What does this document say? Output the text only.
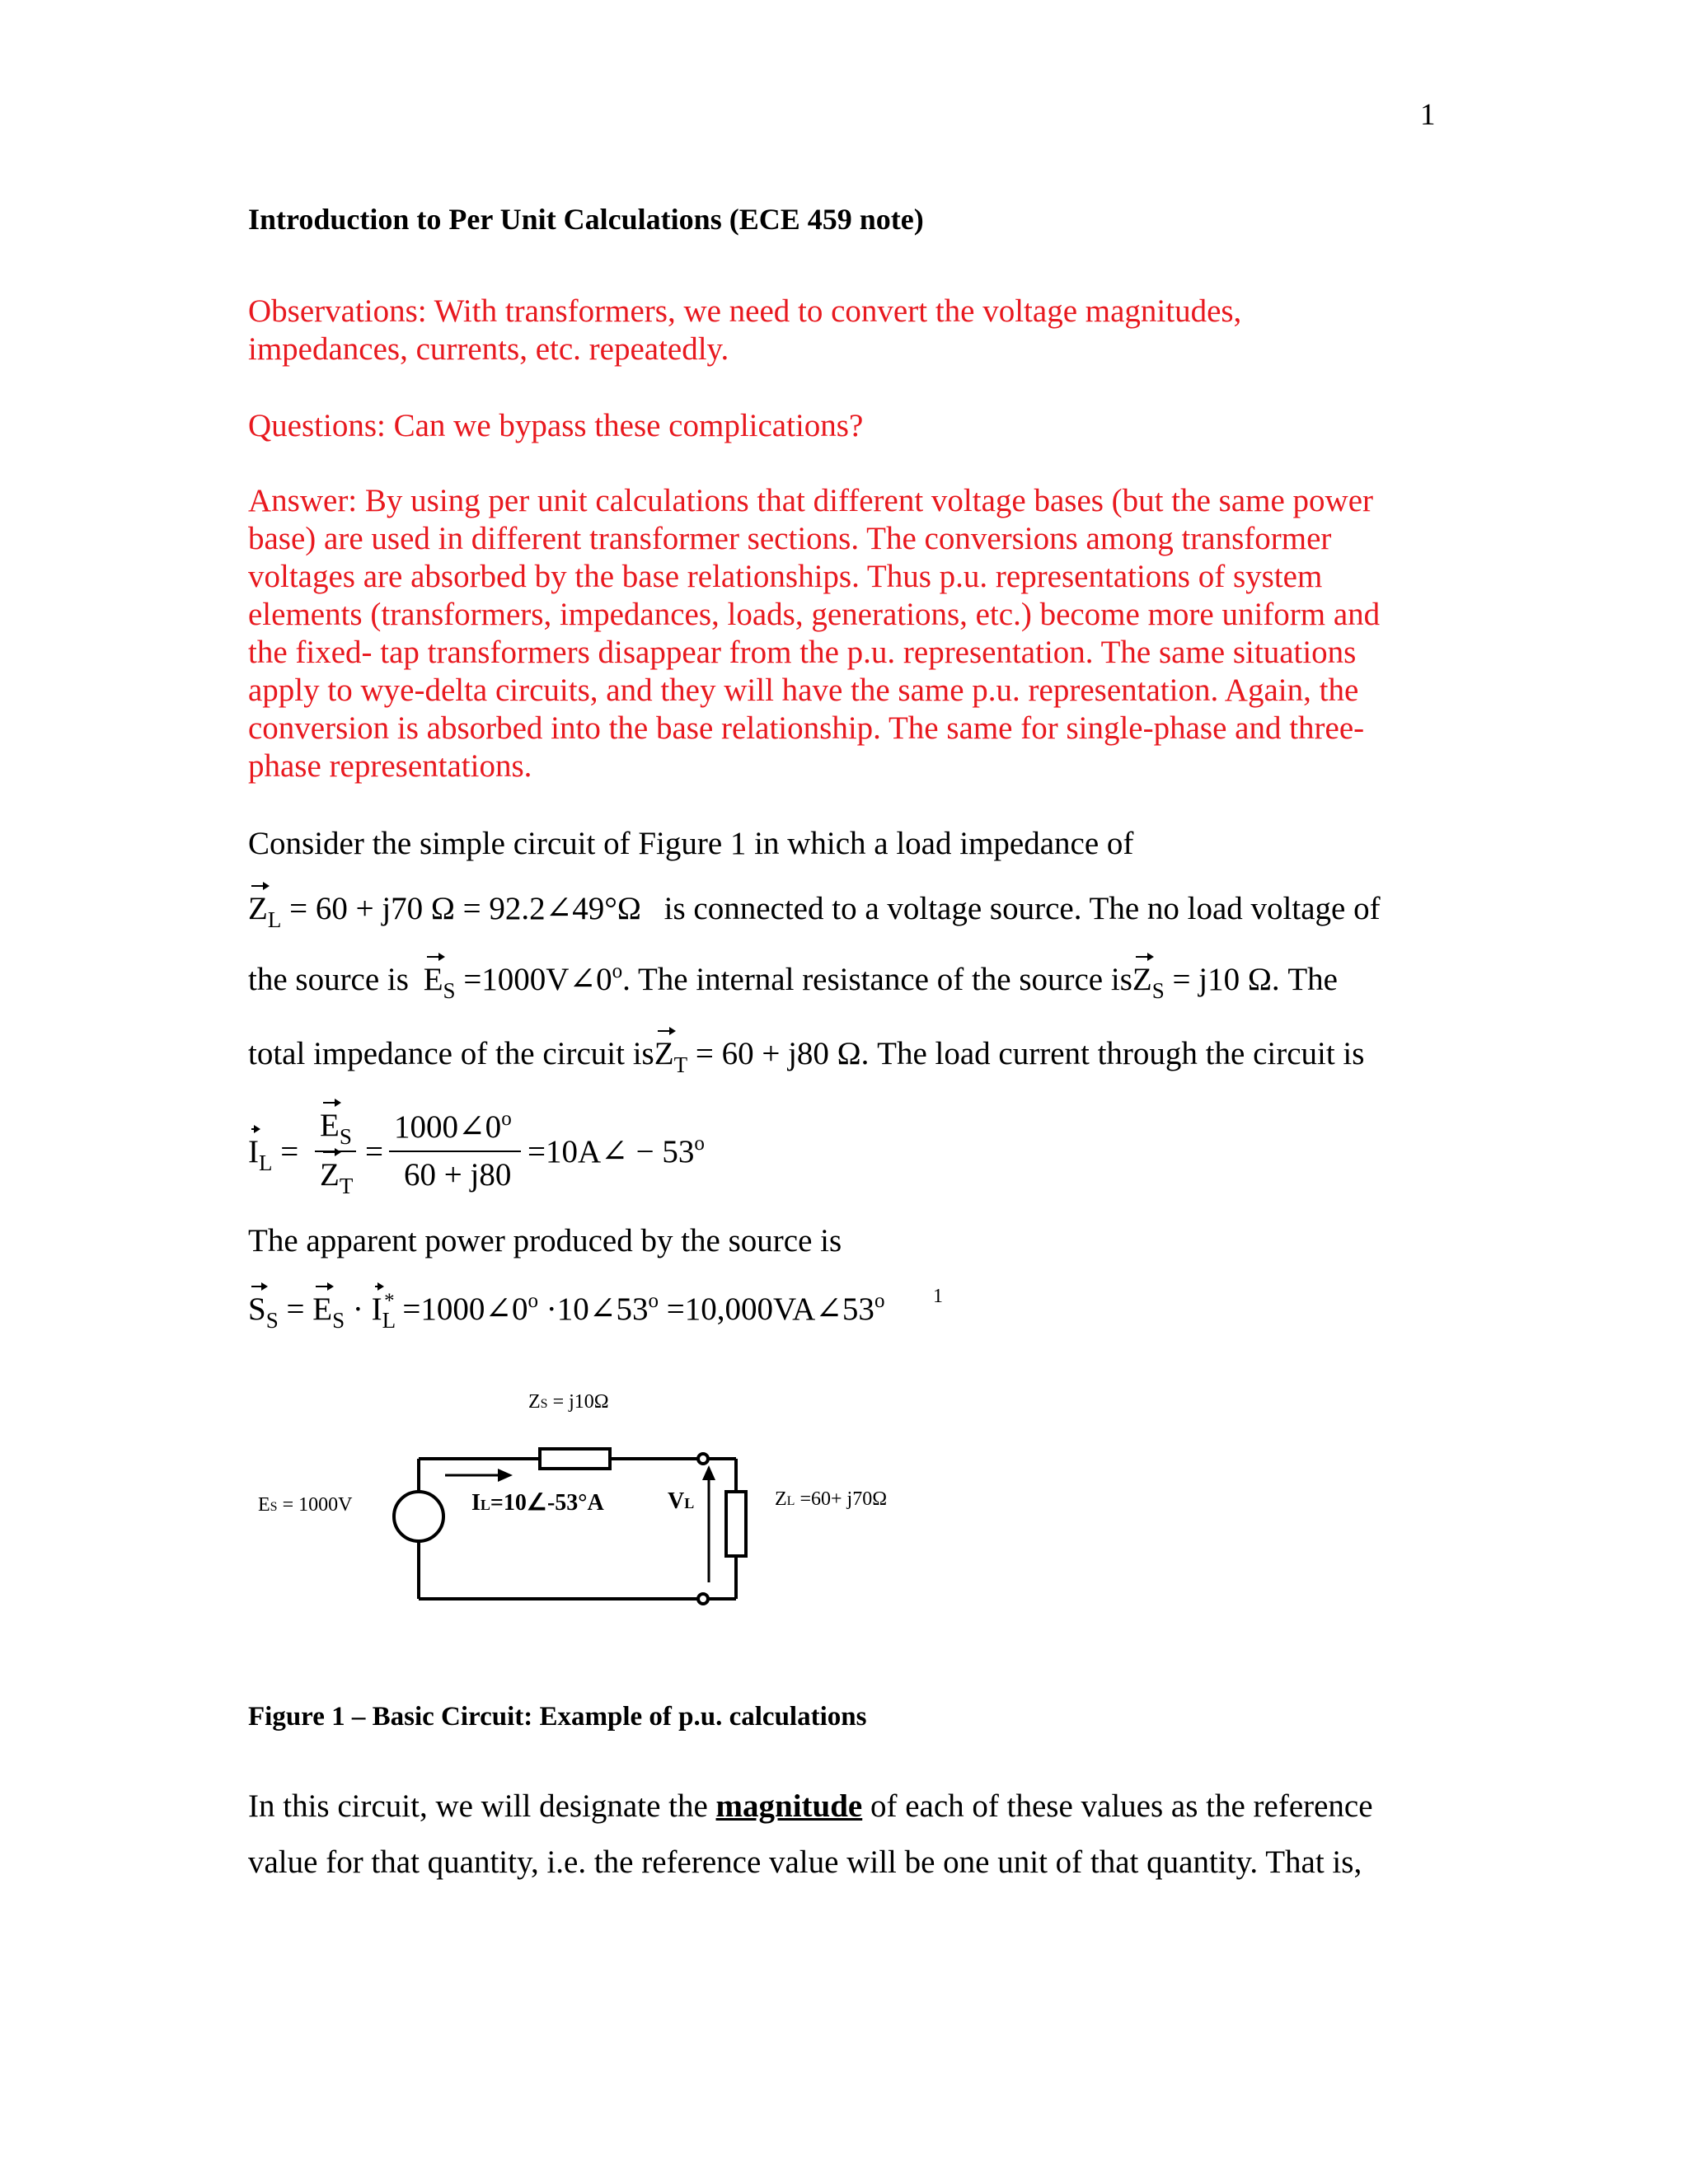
1
Introduction to Per Unit Calculations (ECE 459 note)
Observations: With transformers, we need to convert the voltage magnitudes,
impedances, currents, etc. repeatedly.
Questions: Can we bypass these complications?
Answer: By using per unit calculations that different voltage bases (but the same power
base) are used in different transformer sections. The conversions among transformer
voltages are absorbed by the base relationships. Thus p.u. representations of system
elements (transformers, impedances, loads, generations, etc.) become more uniform and
the fixed- tap transformers disappear from the p.u. representation. The same situations
apply to wye-delta circuits, and they will have the same p.u. representation. Again, the
conversion is absorbed into the base relationship. The same for single-phase and three-
phase representations.
Consider the simple circuit of Figure 1 in which a load impedance of
$Z_L = 60 + j70$ Ω = 92.2∠49°Ω is connected to a voltage source. The no load voltage of
the source is $E_S$ $=1000V\angle 0^o$. The internal resistance of the source isZ$_S$ = j10 Ω. The
total impedance of the circuit isZ$_T$ = 60 + j80 Ω. The load current through the circuit is
$I_L$ =
$E_S$
$Z_T$
=
$1000\angle 0^o$
60 + j80
=10A∠ − $53^o$
The apparent power produced by the source is
$S_S = E_S \cdot I_L^*$ $=1000\angle 0^o$ $\cdot 10\angle 53^o$ $=10,000VA\angle 53^o$ 1
ZS = j10Ω
ES = 1000V	IL=10∠-53°A	VL	ZL =60+ j70Ω
Figure 1 – Basic Circuit: Example of p.u. calculations
In this circuit, we will designate the magnitude of each of these values as the reference
value for that quantity, i.e. the reference value will be one unit of that quantity. That is,
